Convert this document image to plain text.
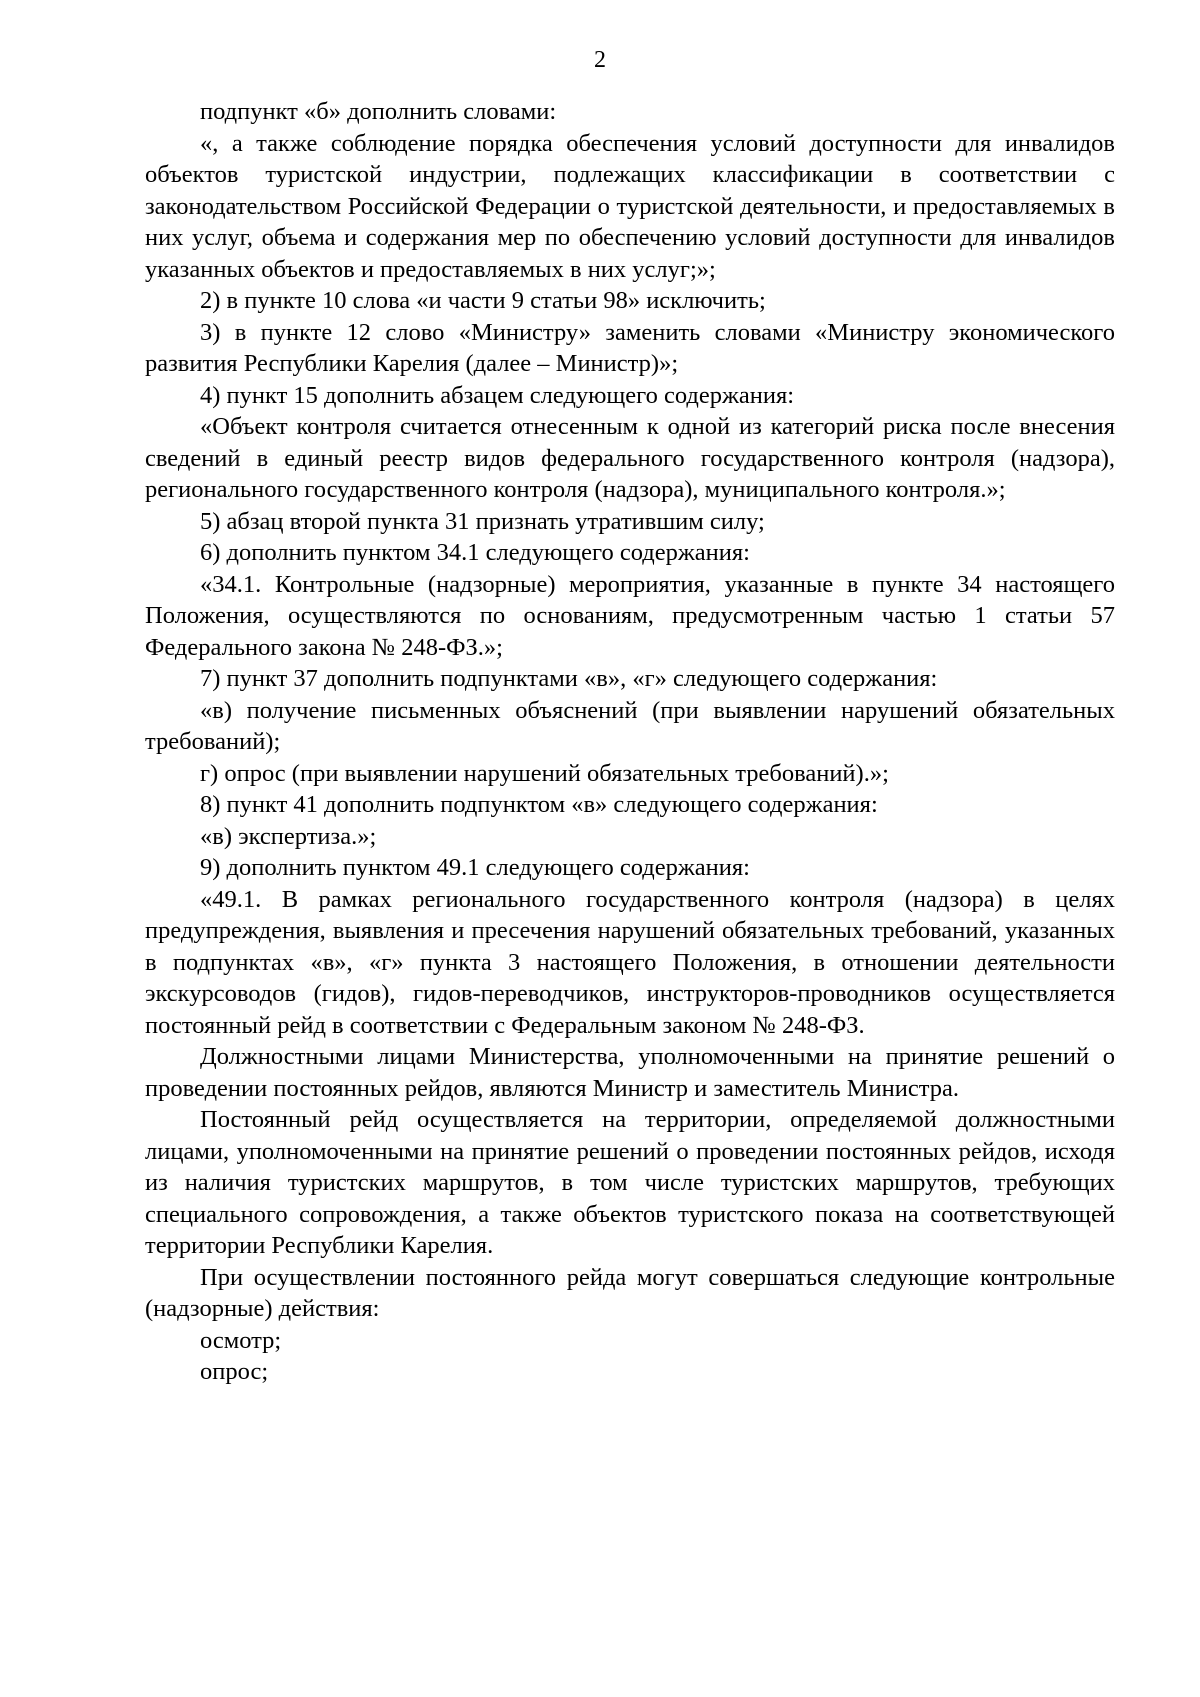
2

подпункт «б» дополнить словами:

«, а также соблюдение порядка обеспечения условий доступности для инвалидов объектов туристской индустрии, подлежащих классификации в соответствии с законодательством Российской Федерации о туристской деятельности, и предоставляемых в них услуг, объема и содержания мер по обеспечению условий доступности для инвалидов указанных объектов и предоставляемых в них услуг;»;

2) в пункте 10 слова «и части 9 статьи 98» исключить;

3) в пункте 12 слово «Министру» заменить словами «Министру экономического развития Республики Карелия (далее – Министр)»;

4) пункт 15 дополнить абзацем следующего содержания:

«Объект контроля считается отнесенным к одной из категорий риска после внесения сведений в единый реестр видов федерального государственного контроля (надзора), регионального государственного контроля (надзора), муниципального контроля.»;

5) абзац второй пункта 31 признать утратившим силу;

6) дополнить пунктом 34.1 следующего содержания:

«34.1. Контрольные (надзорные) мероприятия, указанные в пункте 34 настоящего Положения, осуществляются по основаниям, предусмотренным частью 1 статьи 57 Федерального закона № 248-ФЗ.»;

7) пункт 37 дополнить подпунктами «в», «г» следующего содержания:

«в) получение письменных объяснений (при выявлении нарушений обязательных требований);

г) опрос (при выявлении нарушений обязательных требований).»;

8) пункт 41 дополнить подпунктом «в» следующего содержания:

«в) экспертиза.»;

9) дополнить пунктом 49.1 следующего содержания:

«49.1. В рамках регионального государственного контроля (надзора) в целях предупреждения, выявления и пресечения нарушений обязательных требований, указанных в подпунктах «в», «г» пункта 3 настоящего Положения, в отношении деятельности экскурсоводов (гидов), гидов-переводчиков, инструкторов-проводников осуществляется постоянный рейд в соответствии с Федеральным законом № 248-ФЗ.

Должностными лицами Министерства, уполномоченными на принятие решений о проведении постоянных рейдов, являются Министр и заместитель Министра.

Постоянный рейд осуществляется на территории, определяемой должностными лицами, уполномоченными на принятие решений о проведении постоянных рейдов, исходя из наличия туристских маршрутов, в том числе туристских маршрутов, требующих специального сопровождения, а также объектов туристского показа на соответствующей территории Республики Карелия.

При осуществлении постоянного рейда могут совершаться следующие контрольные (надзорные) действия:

осмотр;

опрос;
